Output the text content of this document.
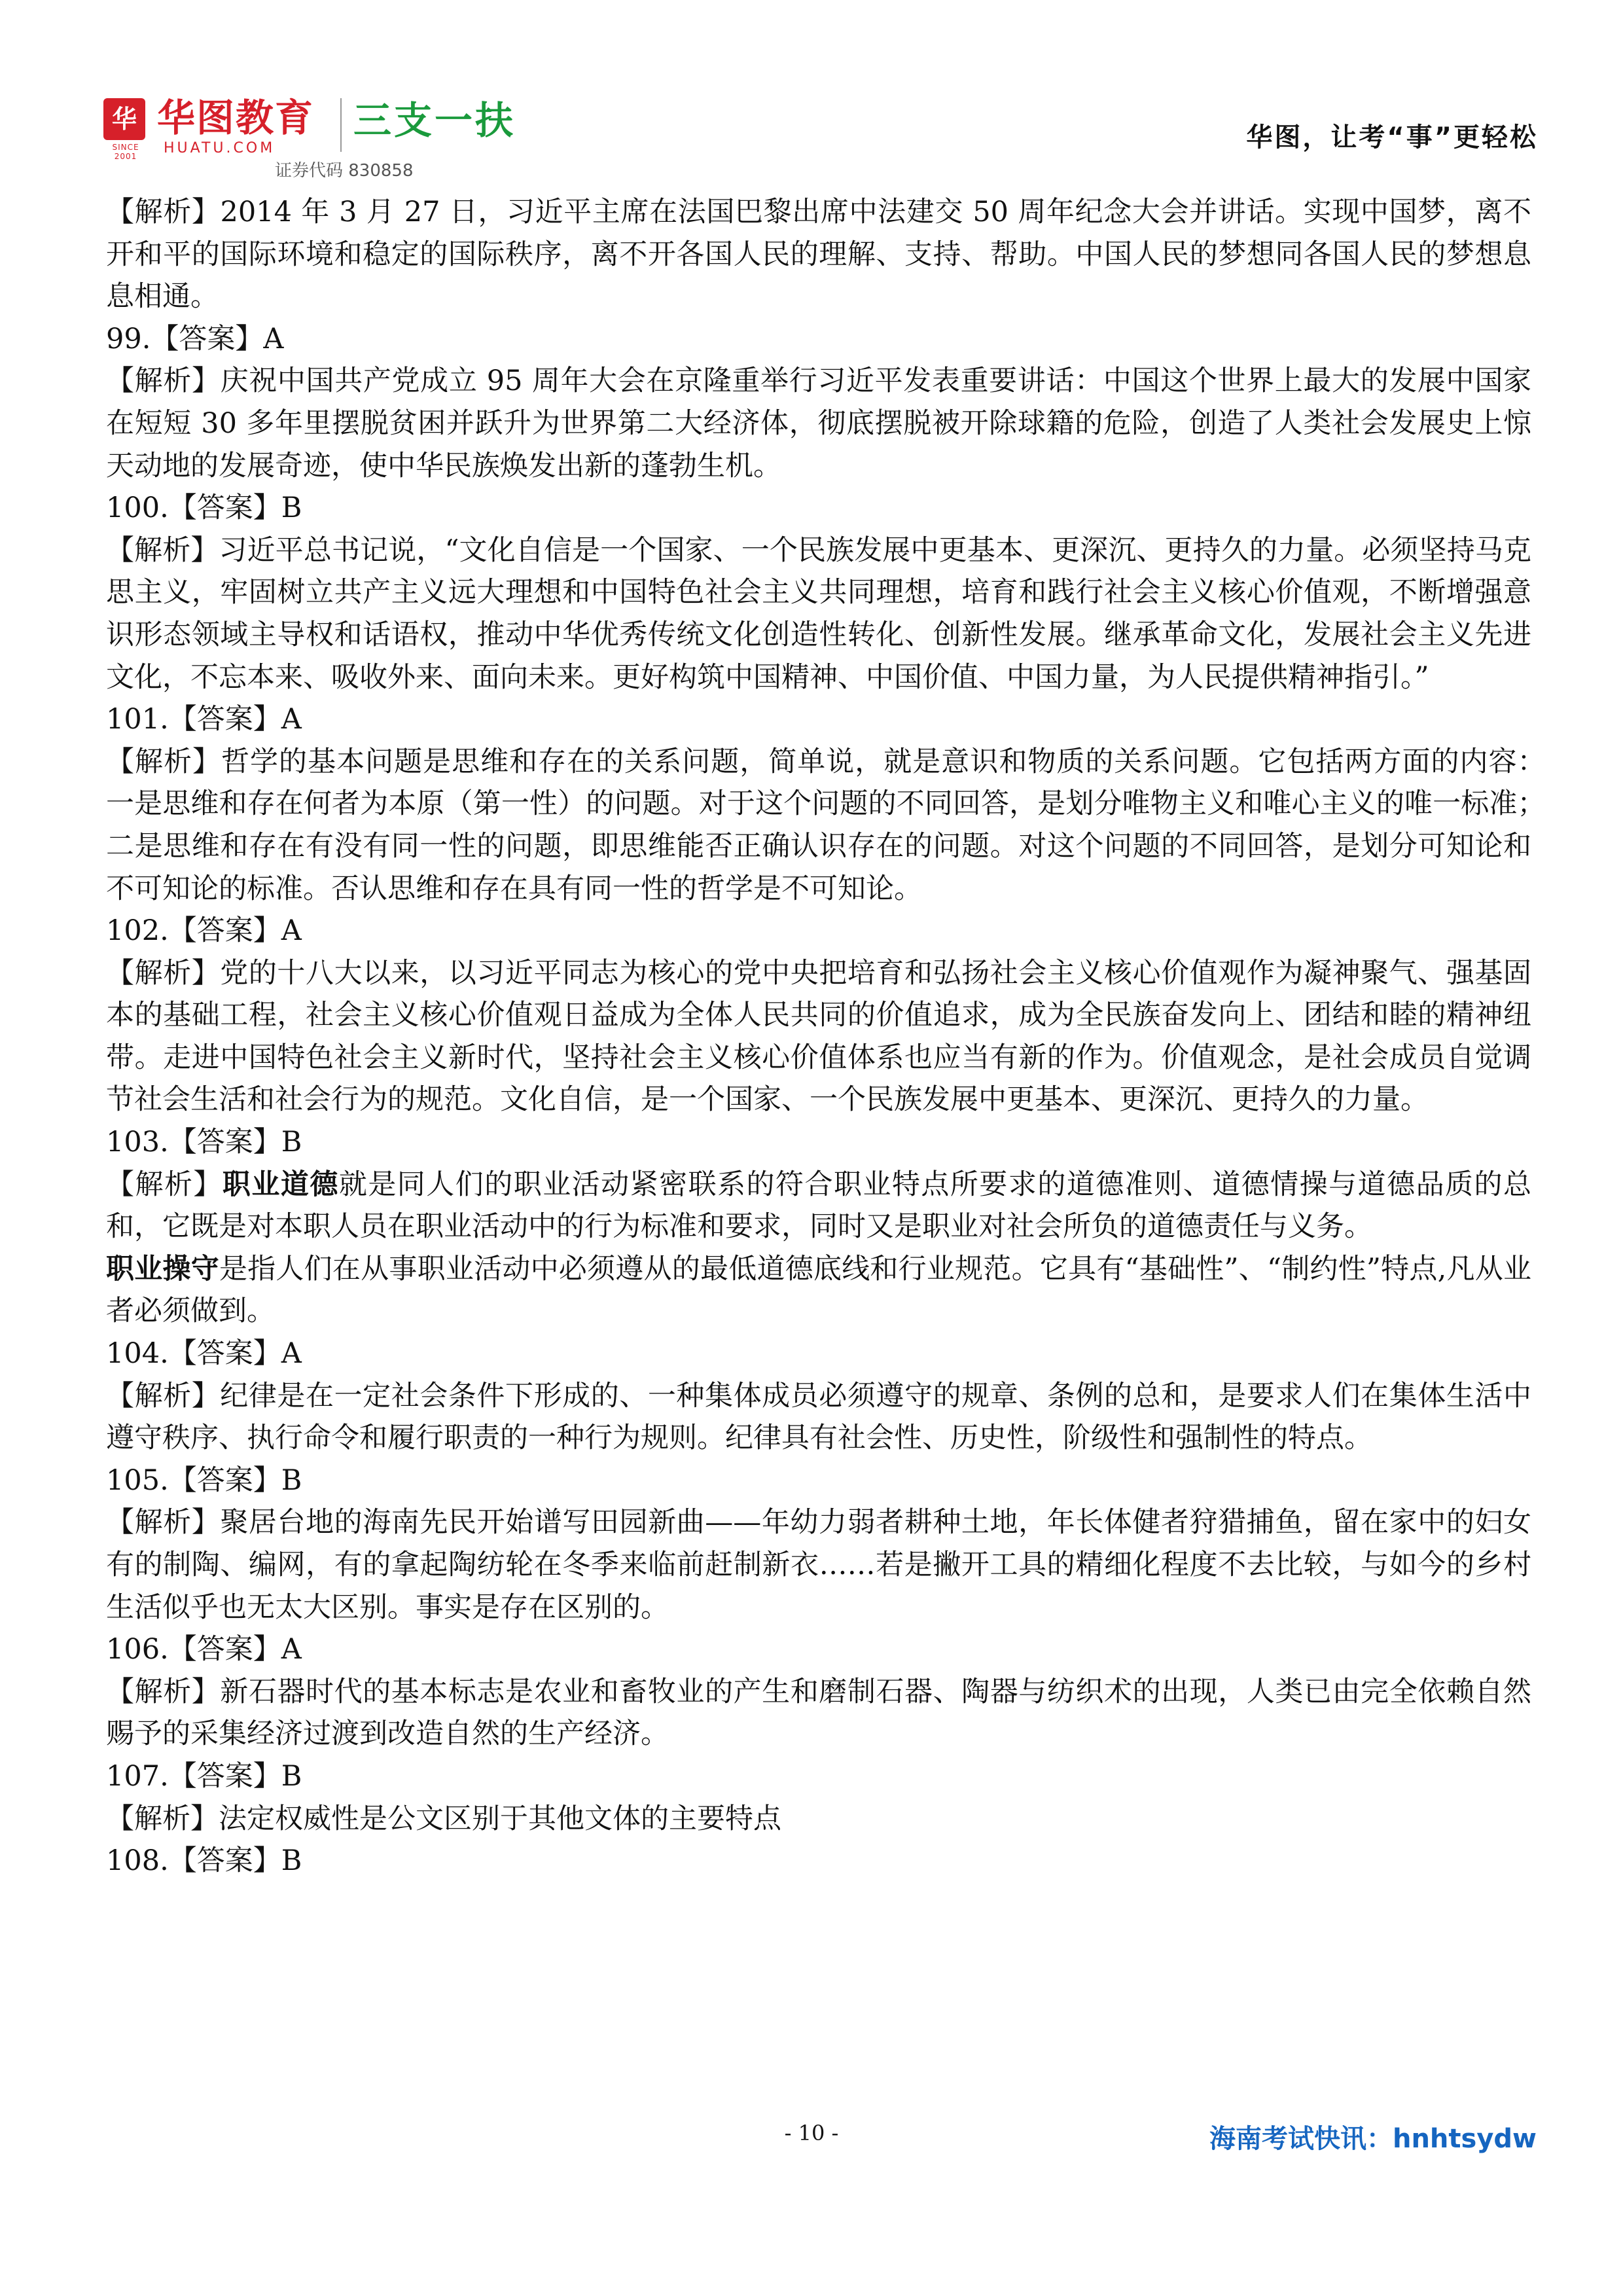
华
SINCE 2001
华图教育
HUATU.COM
三支一扶
证券代码 830858
华图，让考“事”更轻松

【解析】2014 年 3 月 27 日，习近平主席在法国巴黎出席中法建交 50 周年纪念大会并讲话。实现中国梦，离不开和平的国际环境和稳定的国际秩序，离不开各国人民的理解、支持、帮助。中国人民的梦想同各国人民的梦想息息相通。

99.【答案】A

【解析】庆祝中国共产党成立 95 周年大会在京隆重举行习近平发表重要讲话：中国这个世界上最大的发展中国家在短短 30 多年里摆脱贫困并跃升为世界第二大经济体，彻底摆脱被开除球籍的危险，创造了人类社会发展史上惊天动地的发展奇迹，使中华民族焕发出新的蓬勃生机。

100.【答案】B

【解析】习近平总书记说，“文化自信是一个国家、一个民族发展中更基本、更深沉、更持久的力量。必须坚持马克思主义，牢固树立共产主义远大理想和中国特色社会主义共同理想，培育和践行社会主义核心价值观，不断增强意识形态领域主导权和话语权，推动中华优秀传统文化创造性转化、创新性发展。继承革命文化，发展社会主义先进文化，不忘本来、吸收外来、面向未来。更好构筑中国精神、中国价值、中国力量，为人民提供精神指引。”

101.【答案】A

【解析】哲学的基本问题是思维和存在的关系问题，简单说，就是意识和物质的关系问题。它包括两方面的内容：　一是思维和存在何者为本原（第一性）的问题。对于这个问题的不同回答，是划分唯物主义和唯心主义的唯一标准；　二是思维和存在有没有同一性的问题，即思维能否正确认识存在的问题。对这个问题的不同回答，是划分可知论和不可知论的标准。否认思维和存在具有同一性的哲学是不可知论。

102.【答案】A

【解析】党的十八大以来，以习近平同志为核心的党中央把培育和弘扬社会主义核心价值观作为凝神聚气、强基固本的基础工程，社会主义核心价值观日益成为全体人民共同的价值追求，成为全民族奋发向上、团结和睦的精神纽带。走进中国特色社会主义新时代，坚持社会主义核心价值体系也应当有新的作为。价值观念，是社会成员自觉调节社会生活和社会行为的规范。文化自信，是一个国家、一个民族发展中更基本、更深沉、更持久的力量。

103.【答案】B

【解析】职业道德就是同人们的职业活动紧密联系的符合职业特点所要求的道德准则、道德情操与道德品质的总和，它既是对本职人员在职业活动中的行为标准和要求，同时又是职业对社会所负的道德责任与义务。

职业操守是指人们在从事职业活动中必须遵从的最低道德底线和行业规范。它具有“基础性”、“制约性”特点,凡从业者必须做到。

104.【答案】A

【解析】纪律是在一定社会条件下形成的、一种集体成员必须遵守的规章、条例的总和，是要求人们在集体生活中遵守秩序、执行命令和履行职责的一种行为规则。纪律具有社会性、历史性，阶级性和强制性的特点。

105.【答案】B

【解析】聚居台地的海南先民开始谱写田园新曲——年幼力弱者耕种土地，年长体健者狩猎捕鱼，留在家中的妇女有的制陶、编网，有的拿起陶纺轮在冬季来临前赶制新衣……若是撇开工具的精细化程度不去比较，与如今的乡村生活似乎也无太大区别。事实是存在区别的。

106.【答案】A

【解析】新石器时代的基本标志是农业和畜牧业的产生和磨制石器、陶器与纺织术的出现，人类已由完全依赖自然赐予的采集经济过渡到改造自然的生产经济。

107.【答案】B

【解析】法定权威性是公文区别于其他文体的主要特点

108.【答案】B

- 10 -	海南考试快讯：hnhtsydw
